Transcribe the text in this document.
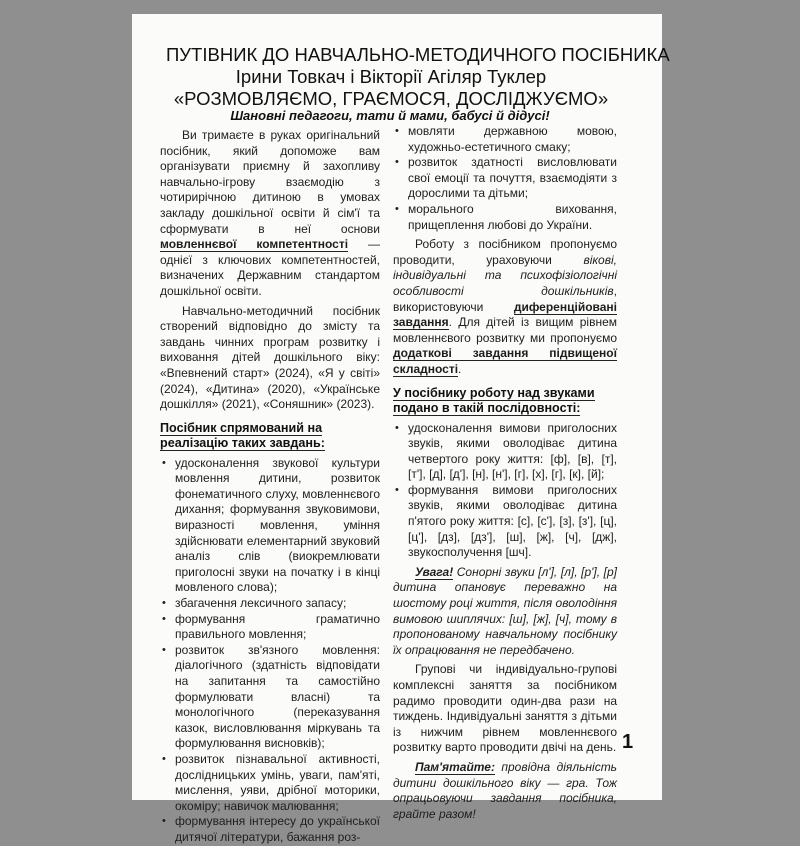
ПУТІВНИК ДО НАВЧАЛЬНО-МЕТОДИЧНОГО ПОСІБНИКА
Ірини Товкач і Вікторії Агіляр Туклер
«РОЗМОВЛЯЄМО, ГРАЄМОСЯ, ДОСЛІДЖУЄМО»
Шановні педагоги, тати й мами, бабусі й дідусі!

Ви тримаєте в руках оригінальний посібник, який допоможе вам організувати приємну й захопливу навчально-ігрову взаємодію з чотирирічною дитиною в умовах закладу дошкільної освіти й сім'ї та сформувати в неї основи мовленнєвої компетентності — однієї з ключових компетентностей, визначених Державним стандартом дошкільної освіти.

Навчально-методичний посібник створений відповідно до змісту та завдань чинних програм розвитку і виховання дітей дошкільного віку: «Впевнений старт» (2024), «Я у світі» (2024), «Дитина» (2020), «Українське дошкілля» (2021), «Соняшник» (2023).

Посібник спрямований на реалізацію таких завдань:
• удосконалення звукової культури мовлення дитини, розвиток фонематичного слуху, мовленнєвого дихання; формування звуковимови, виразності мовлення, уміння здійснювати елементарний звуковий аналіз слів (виокремлювати приголосні звуки на початку і в кінці мовленого слова);
• збагачення лексичного запасу;
• формування граматично правильного мовлення;
• розвиток зв'язного мовлення: діалогічного (здатність відповідати на запитання та самостійно формулювати власні) та монологічного (переказування казок, висловлювання міркувань та формулювання висновків);
• розвиток пізнавальної активності, дослідницьких умінь, уваги, пам'яті, мислення, уяви, дрібної моторики, окоміру; навичок малювання;
• формування інтересу до української дитячої літератури, бажання роз-
• мовляти державною мовою, художньо-естетичного смаку;
• розвиток здатності висловлювати свої емоції та почуття, взаємодіяти з дорослими та дітьми;
• морального виховання, прищеплення любові до України.

Роботу з посібником пропонуємо проводити, ураховуючи вікові, індивідуальні та психофізіологічні особливості дошкільників, використовуючи диференційовані завдання. Для дітей із вищим рівнем мовленнєвого розвитку ми пропонуємо додаткові завдання підвищеної складності.

У посібнику роботу над звуками подано в такій послідовності:
• удосконалення вимови приголосних звуків, якими оволодіває дитина четвертого року життя: [ф], [в], [т], [т'], [д], [д'], [н], [н'], [г], [х], [г], [к], [й];
• формування вимови приголосних звуків, якими оволодіває дитина п'ятого року життя: [с], [с'], [з], [з'], [ц], [ц'], [дз], [дз'], [ш], [ж], [ч], [дж], звукосполучення [шч].

Увага! Сонорні звуки [л'], [л], [р'], [р] дитина опановує переважно на шостому році життя, після оволодіння вимовою шиплячих: [ш], [ж], [ч], тому в пропонованому навчальному посібнику їх опрацювання не передбачено.

Групові чи індивідуально-групові комплексні заняття за посібником радимо проводити один-два рази на тиждень. Індивідуальні заняття з дітьми із нижчим рівнем мовленнєвого розвитку варто проводити двічі на день.

Пам'ятайте: провідна діяльність дитини дошкільного віку — гра. Тож опрацьовуючи завдання посібника, грайте разом!

1
